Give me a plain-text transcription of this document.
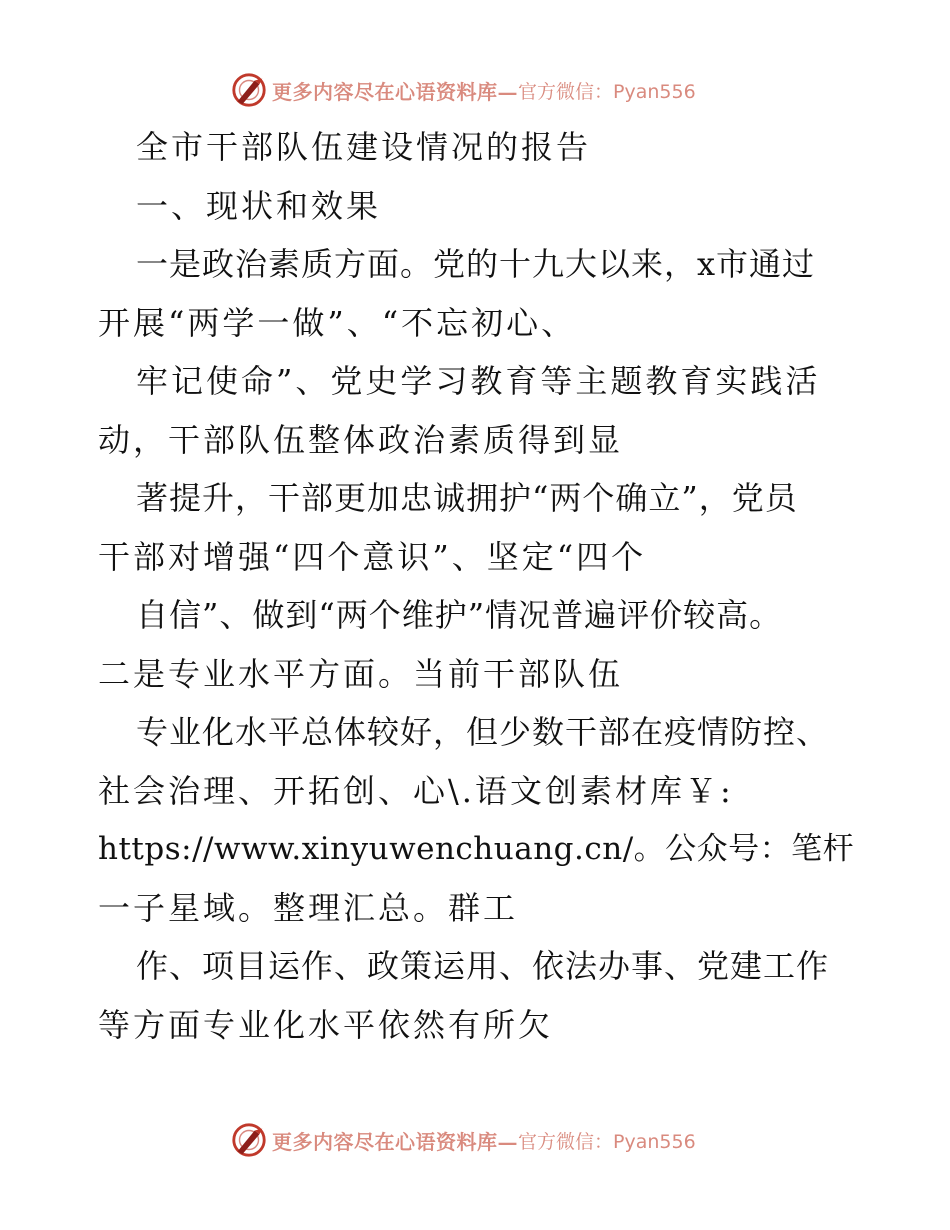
更多内容尽在心语资料库— 官方微信：Pyan556
全市干部队伍建设情况的报告
一、现状和效果
一是政治素质方面。党的十九大以来，x市通过
开展“两学一做”、“不忘初心、
牢记使命”、党史学习教育等主题教育实践活
动，干部队伍整体政治素质得到显
著提升，干部更加忠诚拥护“两个确立”，党员
干部对增强“四个意识”、坚定“四个
自信”、做到“两个维护”情况普遍评价较高。
二是专业水平方面。当前干部队伍
专业化水平总体较好，但少数干部在疫情防控、
社会治理、开拓创、心\.语文创素材库￥:
https://www.xinyuwenchuang.cn/。公众号：笔杆
一子星域。整理汇总。群工
作、项目运作、政策运用、依法办事、党建工作
等方面专业化水平依然有所欠
更多内容尽在心语资料库— 官方微信：Pyan556
